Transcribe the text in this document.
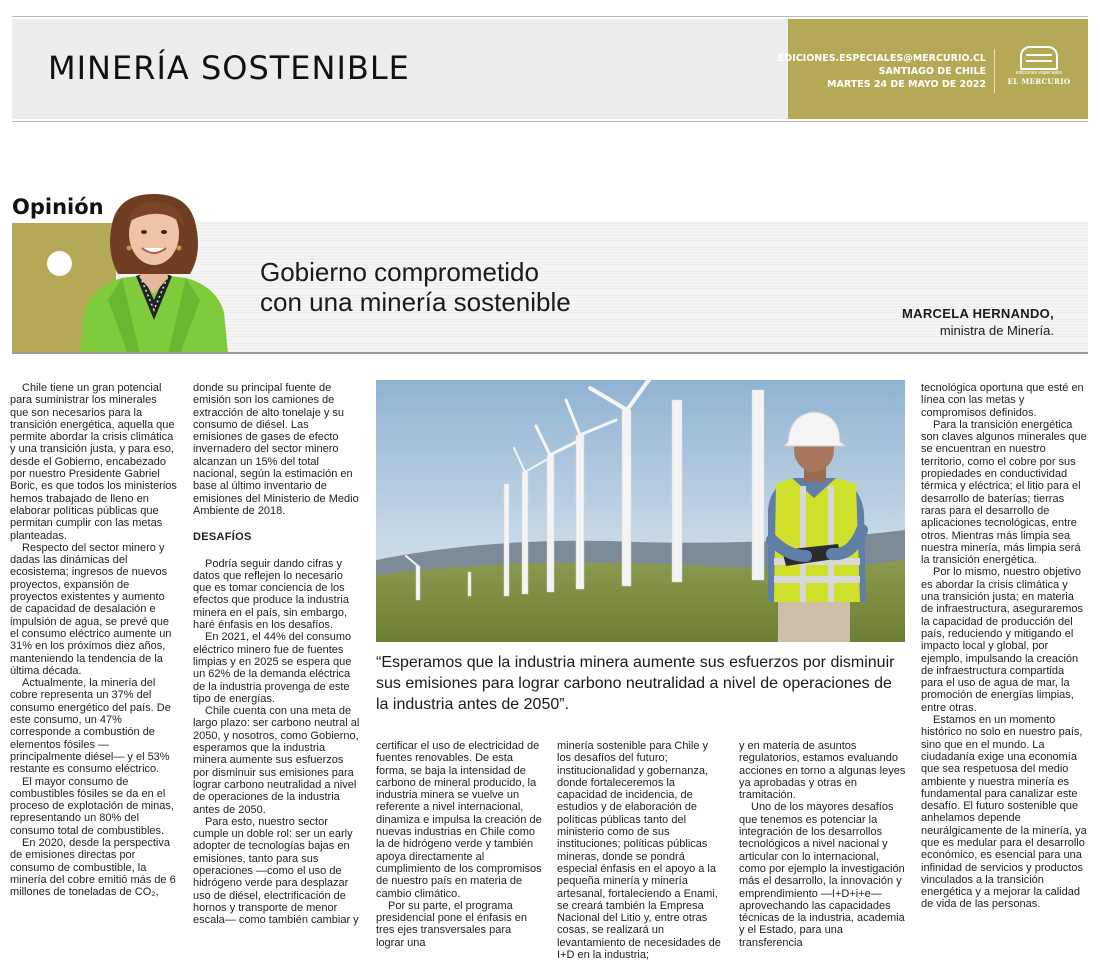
MINERÍA SOSTENIBLE	EDICIONES.ESPECIALES@MERCURIO.CL
SANTIAGO DE CHILE
MARTES 24 DE MAYO DE 2022
ediciones especiales
EL MERCURIO
Opinión
Gobierno comprometido
con una minería sostenible	MARCELA HERNANDO,
ministra de Minería.

Chile tiene un gran potencial para suministrar los minerales que son necesarios para la transición energética, aquella que permite abordar la crisis climática y una transición justa, y para eso, desde el Gobierno, encabezado por nuestro Presidente Gabriel Boric, es que todos los ministerios hemos trabajado de lleno en elaborar políticas públicas que permitan cumplir con las metas planteadas.

Respecto del sector minero y dadas las dinámicas del ecosistema; ingresos de nuevos proyectos, expansión de proyectos existentes y aumento de capacidad de desalación e impulsión de agua, se prevé que el consumo eléctrico aumente un 31% en los próximos diez años, manteniendo la tendencia de la última década.

Actualmente, la minería del cobre representa un 37% del consumo energético del país. De este consumo, un 47% corresponde a combustión de elementos fósiles —principalmente diésel— y el 53% restante es consumo eléctrico.

El mayor consumo de combustibles fósiles se da en el proceso de explotación de minas, representando un 80% del consumo total de combustibles.

En 2020, desde la perspectiva de emisiones directas por consumo de combustible, la minería del cobre emitió más de 6 millones de toneladas de CO₂,

donde su principal fuente de emisión son los camiones de extracción de alto tonelaje y su consumo de diésel. Las emisiones de gases de efecto invernadero del sector minero alcanzan un 15% del total nacional, según la estimación en base al último inventario de emisiones del Ministerio de Medio Ambiente de 2018.

DESAFÍOS

Podría seguir dando cifras y datos que reflejen lo necesario que es tomar conciencia de los efectos que produce la industria minera en el país, sin embargo, haré énfasis en los desafíos.

En 2021, el 44% del consumo eléctrico minero fue de fuentes limpias y en 2025 se espera que un 62% de la demanda eléctrica de la industria provenga de este tipo de energías.

Chile cuenta con una meta de largo plazo: ser carbono neutral al 2050, y nosotros, como Gobierno, esperamos que la industria minera aumente sus esfuerzos por disminuir sus emisiones para lograr carbono neutralidad a nivel de operaciones de la industria antes de 2050.

Para esto, nuestro sector cumple un doble rol: ser un early adopter de tecnologías bajas en emisiones, tanto para sus operaciones —como el uso de hidrógeno verde para desplazar uso de diésel, electrificación de hornos y transporte de menor escala— como también cambiar y

“Esperamos que la industria minera aumente sus esfuerzos por disminuir sus emisiones para lograr carbono neutralidad a nivel de operaciones de la industria antes de 2050”.

certificar el uso de electricidad de fuentes renovables. De esta forma, se baja la intensidad de carbono de mineral producido, la industria minera se vuelve un referente a nivel internacional, dinamiza e impulsa la creación de nuevas industrias en Chile como la de hidrógeno verde y también apoya directamente al cumplimiento de los compromisos de nuestro país en materia de cambio climático.

Por su parte, el programa presidencial pone el énfasis en tres ejes transversales para lograr una

minería sostenible para Chile y los desafíos del futuro; institucionalidad y gobernanza, donde fortaleceremos la capacidad de incidencia, de estudios y de elaboración de políticas públicas tanto del ministerio como de sus instituciones; políticas públicas mineras, donde se pondrá especial énfasis en el apoyo a la pequeña minería y minería artesanal, fortaleciendo a Enami, se creará también la Empresa Nacional del Litio y, entre otras cosas, se realizará un levantamiento de necesidades de I+D en la industria;

y en materia de asuntos regulatorios, estamos evaluando acciones en torno a algunas leyes ya aprobadas y otras en tramitación.

Uno de los mayores desafíos que tenemos es potenciar la integración de los desarrollos tecnológicos a nivel nacional y articular con lo internacional, como por ejemplo la investigación más el desarrollo, la innovación y emprendimiento —I+D+i+e— aprovechando las capacidades técnicas de la industria, academia y el Estado, para una transferencia

tecnológica oportuna que esté en línea con las metas y compromisos definidos.

Para la transición energética son claves algunos minerales que se encuentran en nuestro territorio, como el cobre por sus propiedades en conductividad térmica y eléctrica; el litio para el desarrollo de baterías; tierras raras para el desarrollo de aplicaciones tecnológicas, entre otros. Mientras más limpia sea nuestra minería, más limpia será la transición energética.

Por lo mismo, nuestro objetivo es abordar la crisis climática y una transición justa; en materia de infraestructura, aseguraremos la capacidad de producción del país, reduciendo y mitigando el impacto local y global, por ejemplo, impulsando la creación de infraestructura compartida para el uso de agua de mar, la promoción de energías limpias, entre otras.

Estamos en un momento histórico no solo en nuestro país, sino que en el mundo. La ciudadanía exige una economía que sea respetuosa del medio ambiente y nuestra minería es fundamental para canalizar este desafío. El futuro sostenible que anhelamos depende neurálgicamente de la minería, ya que es medular para el desarrollo económico, es esencial para una infinidad de servicios y productos vinculados a la transición energética y a mejorar la calidad de vida de las personas.
